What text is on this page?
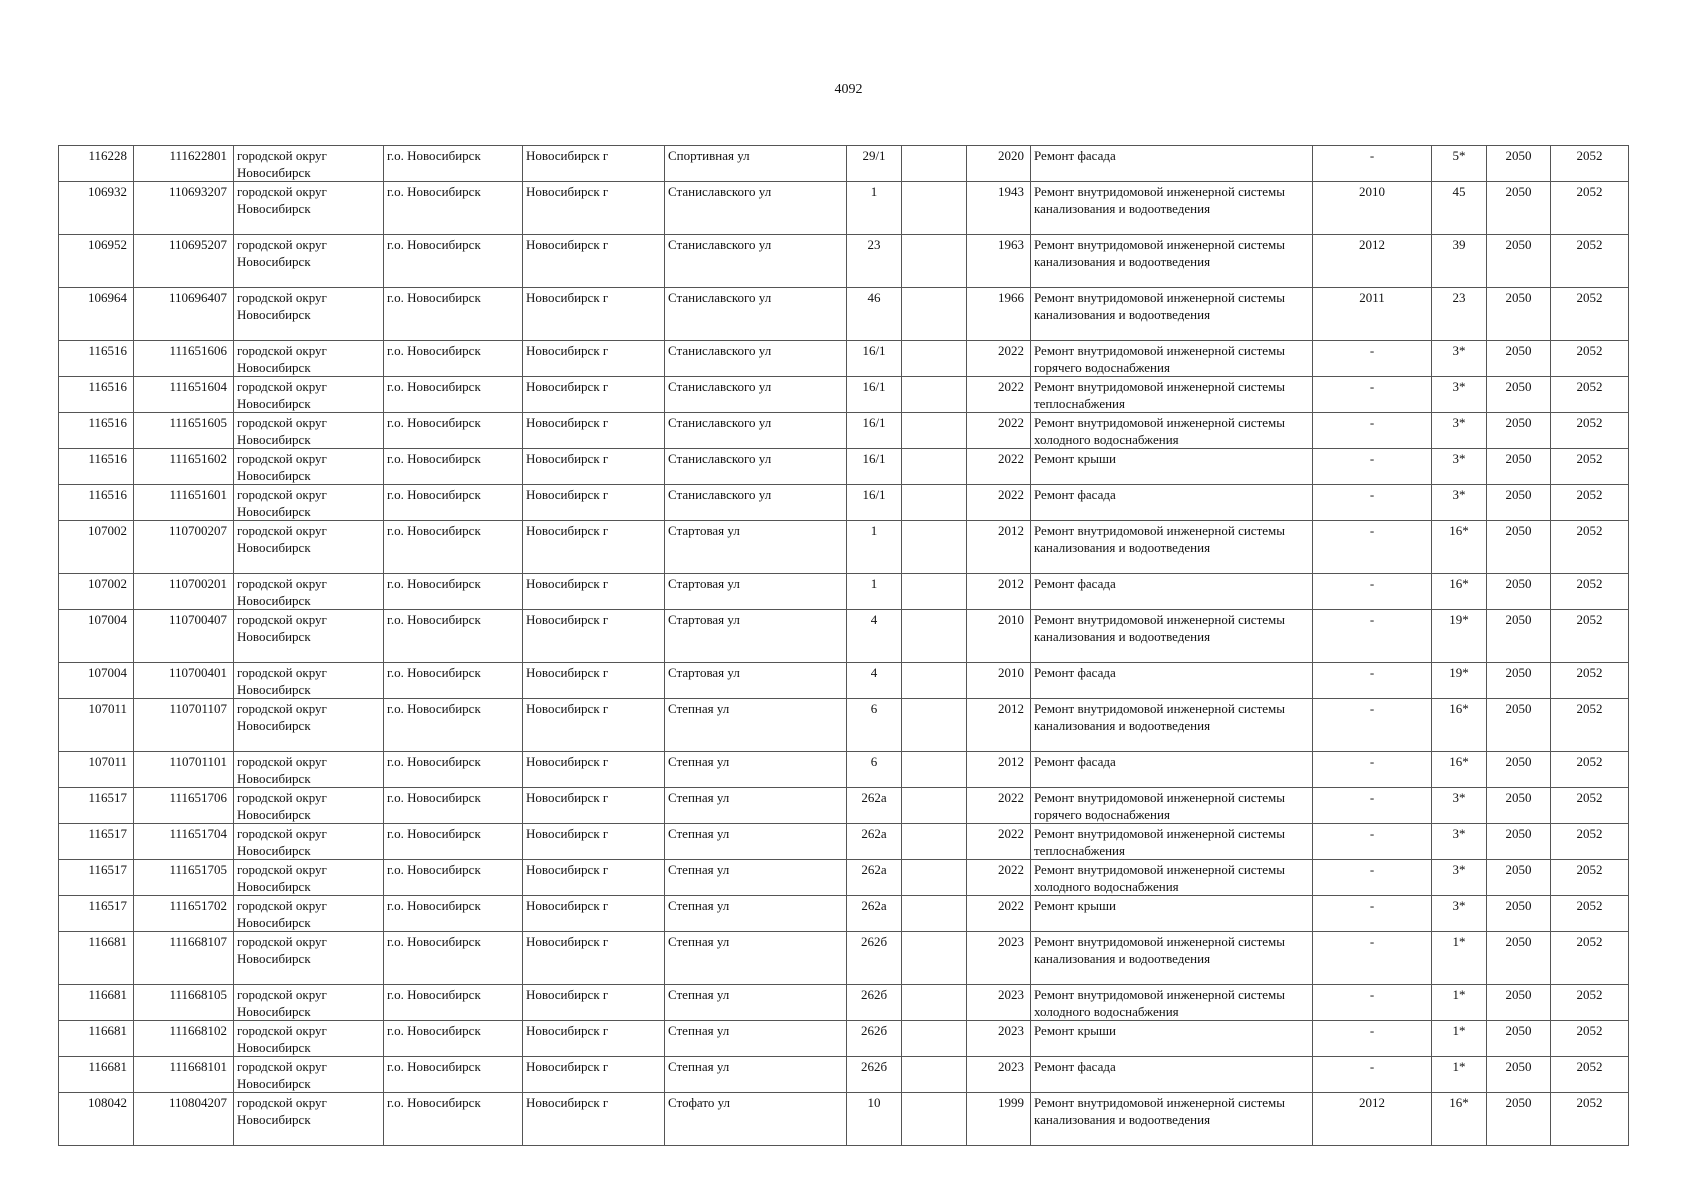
4092
116228	111622801	городской округ Новосибирск	г.о. Новосибирск	Новосибирск г	Спортивная ул	29/1		2020	Ремонт фасада	-	5*	2050	2052
106932	110693207	городской округ Новосибирск	г.о. Новосибирск	Новосибирск г	Станиславского ул	1		1943	Ремонт внутридомовой инженерной системы канализования и водоотведения	2010	45	2050	2052
106952	110695207	городской округ Новосибирск	г.о. Новосибирск	Новосибирск г	Станиславского ул	23		1963	Ремонт внутридомовой инженерной системы канализования и водоотведения	2012	39	2050	2052
106964	110696407	городской округ Новосибирск	г.о. Новосибирск	Новосибирск г	Станиславского ул	46		1966	Ремонт внутридомовой инженерной системы канализования и водоотведения	2011	23	2050	2052
116516	111651606	городской округ Новосибирск	г.о. Новосибирск	Новосибирск г	Станиславского ул	16/1		2022	Ремонт внутридомовой инженерной системы горячего водоснабжения	-	3*	2050	2052
116516	111651604	городской округ Новосибирск	г.о. Новосибирск	Новосибирск г	Станиславского ул	16/1		2022	Ремонт внутридомовой инженерной системы теплоснабжения	-	3*	2050	2052
116516	111651605	городской округ Новосибирск	г.о. Новосибирск	Новосибирск г	Станиславского ул	16/1		2022	Ремонт внутридомовой инженерной системы холодного водоснабжения	-	3*	2050	2052
116516	111651602	городской округ Новосибирск	г.о. Новосибирск	Новосибирск г	Станиславского ул	16/1		2022	Ремонт крыши	-	3*	2050	2052
116516	111651601	городской округ Новосибирск	г.о. Новосибирск	Новосибирск г	Станиславского ул	16/1		2022	Ремонт фасада	-	3*	2050	2052
107002	110700207	городской округ Новосибирск	г.о. Новосибирск	Новосибирск г	Стартовая ул	1		2012	Ремонт внутридомовой инженерной системы канализования и водоотведения	-	16*	2050	2052
107002	110700201	городской округ Новосибирск	г.о. Новосибирск	Новосибирск г	Стартовая ул	1		2012	Ремонт фасада	-	16*	2050	2052
107004	110700407	городской округ Новосибирск	г.о. Новосибирск	Новосибирск г	Стартовая ул	4		2010	Ремонт внутридомовой инженерной системы канализования и водоотведения	-	19*	2050	2052
107004	110700401	городской округ Новосибирск	г.о. Новосибирск	Новосибирск г	Стартовая ул	4		2010	Ремонт фасада	-	19*	2050	2052
107011	110701107	городской округ Новосибирск	г.о. Новосибирск	Новосибирск г	Степная ул	6		2012	Ремонт внутридомовой инженерной системы канализования и водоотведения	-	16*	2050	2052
107011	110701101	городской округ Новосибирск	г.о. Новосибирск	Новосибирск г	Степная ул	6		2012	Ремонт фасада	-	16*	2050	2052
116517	111651706	городской округ Новосибирск	г.о. Новосибирск	Новосибирск г	Степная ул	262а		2022	Ремонт внутридомовой инженерной системы горячего водоснабжения	-	3*	2050	2052
116517	111651704	городской округ Новосибирск	г.о. Новосибирск	Новосибирск г	Степная ул	262а		2022	Ремонт внутридомовой инженерной системы теплоснабжения	-	3*	2050	2052
116517	111651705	городской округ Новосибирск	г.о. Новосибирск	Новосибирск г	Степная ул	262а		2022	Ремонт внутридомовой инженерной системы холодного водоснабжения	-	3*	2050	2052
116517	111651702	городской округ Новосибирск	г.о. Новосибирск	Новосибирск г	Степная ул	262а		2022	Ремонт крыши	-	3*	2050	2052
116681	111668107	городской округ Новосибирск	г.о. Новосибирск	Новосибирск г	Степная ул	262б		2023	Ремонт внутридомовой инженерной системы канализования и водоотведения	-	1*	2050	2052
116681	111668105	городской округ Новосибирск	г.о. Новосибирск	Новосибирск г	Степная ул	262б		2023	Ремонт внутридомовой инженерной системы холодного водоснабжения	-	1*	2050	2052
116681	111668102	городской округ Новосибирск	г.о. Новосибирск	Новосибирск г	Степная ул	262б		2023	Ремонт крыши	-	1*	2050	2052
116681	111668101	городской округ Новосибирск	г.о. Новосибирск	Новосибирск г	Степная ул	262б		2023	Ремонт фасада	-	1*	2050	2052
108042	110804207	городской округ Новосибирск	г.о. Новосибирск	Новосибирск г	Стофато ул	10		1999	Ремонт внутридомовой инженерной системы канализования и водоотведения	2012	16*	2050	2052
